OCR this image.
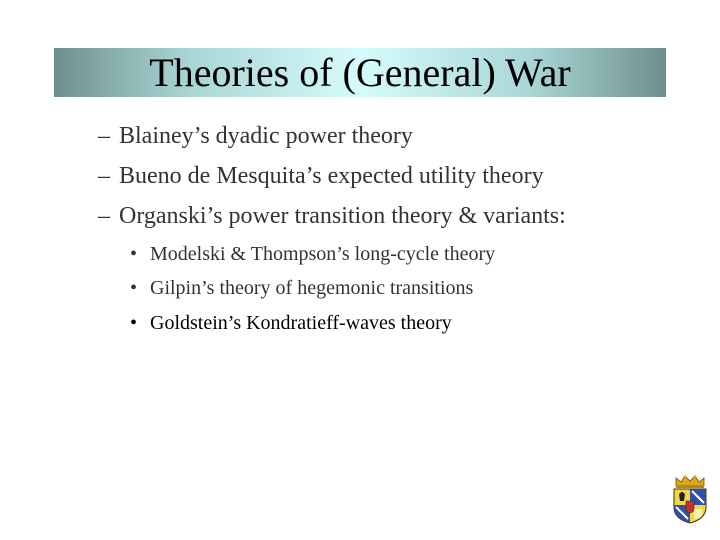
Theories of (General) War

– Blainey’s dyadic power theory

– Bueno de Mesquita’s expected utility theory

– Organski’s power transition theory & variants:

• Modelski & Thompson’s long-cycle theory

• Gilpin’s theory of hegemonic transitions

• Goldstein’s Kondratieff-waves theory
